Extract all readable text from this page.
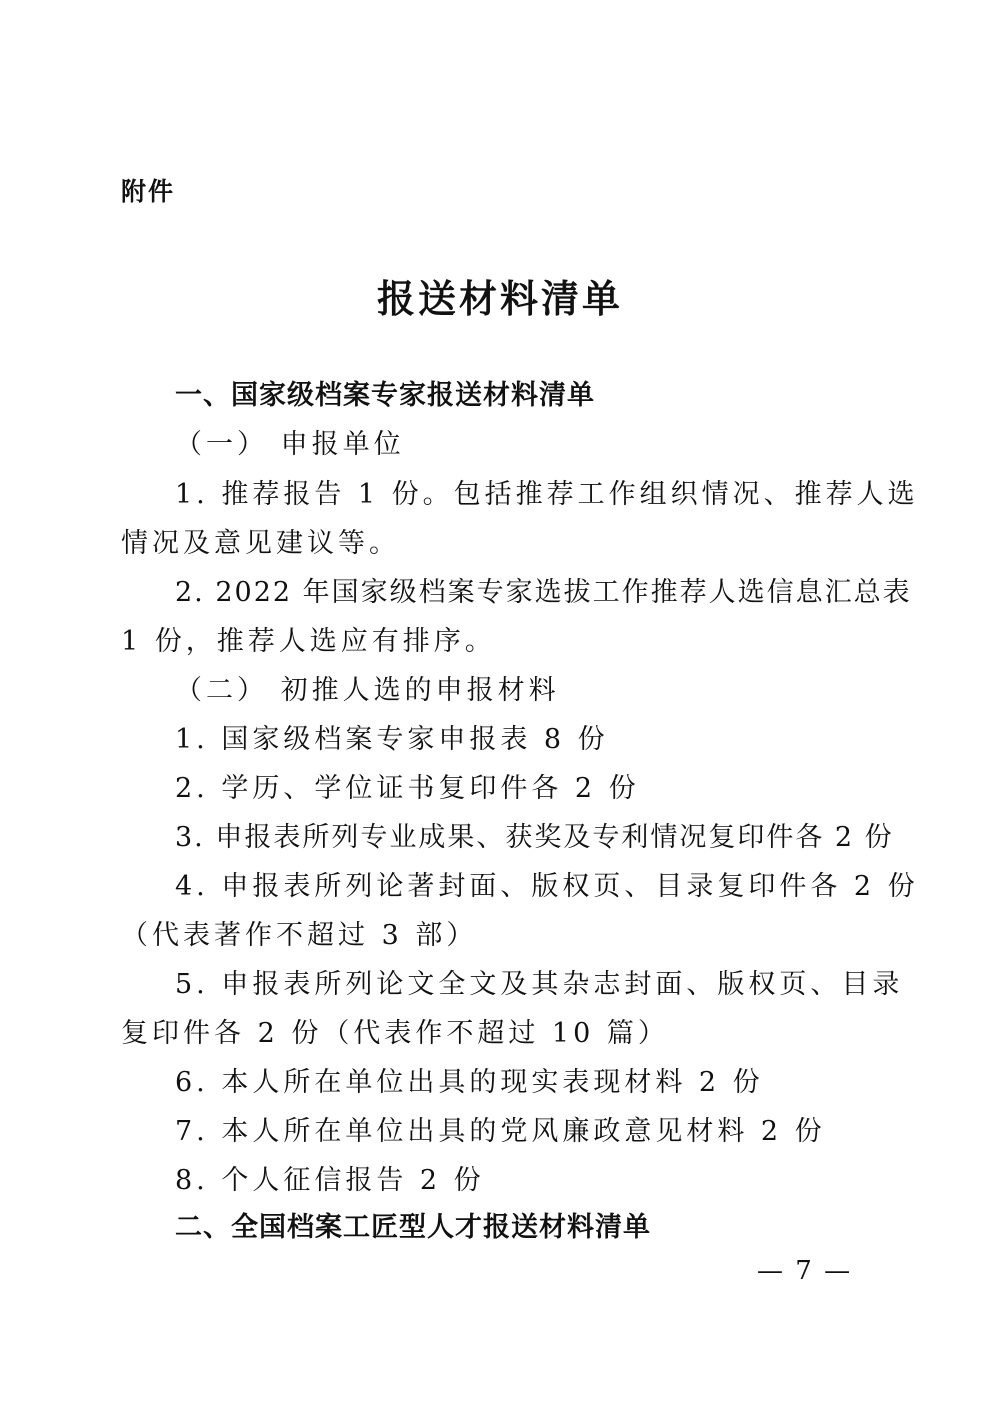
附件
报送材料清单
一、国家级档案专家报送材料清单
（一） 申报单位
1. 推荐报告 1 份。包括推荐工作组织情况、推荐人选
情况及意见建议等。
2. 2022 年国家级档案专家选拔工作推荐人选信息汇总表
1 份，推荐人选应有排序。
（二） 初推人选的申报材料
1. 国家级档案专家申报表 8 份
2. 学历、学位证书复印件各 2 份
3. 申报表所列专业成果、获奖及专利情况复印件各 2 份
4. 申报表所列论著封面、版权页、目录复印件各 2 份
（代表著作不超过 3 部）
5. 申报表所列论文全文及其杂志封面、版权页、目录
复印件各 2 份（代表作不超过 10 篇）
6. 本人所在单位出具的现实表现材料 2 份
7. 本人所在单位出具的党风廉政意见材料 2 份
8. 个人征信报告 2 份
二、全国档案工匠型人才报送材料清单
— 7 —
